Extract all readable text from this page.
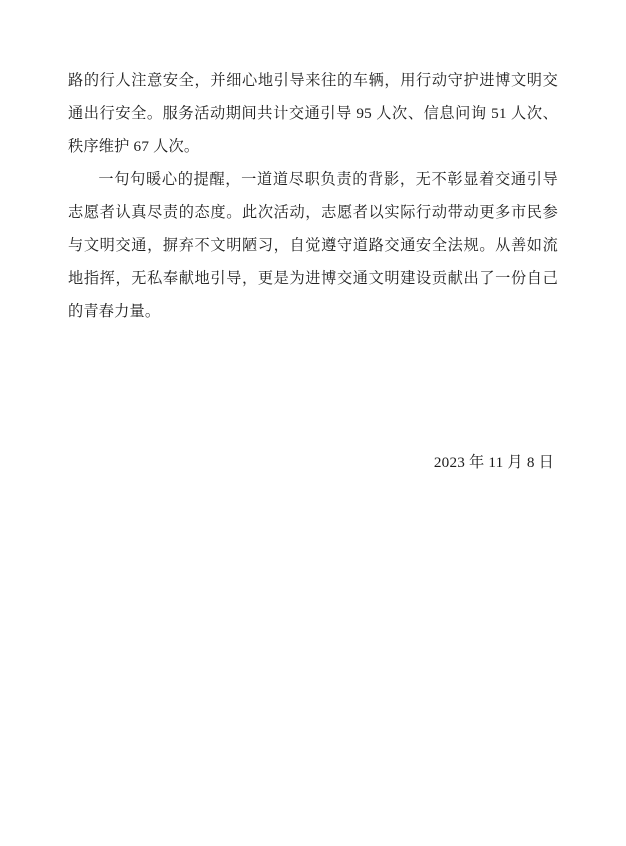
路的行人注意安全，并细心地引导来往的车辆，用行动守护进博文明交通出行安全。服务活动期间共计交通引导 95 人次、信息问询 51 人次、秩序维护 67 人次。

一句句暖心的提醒，一道道尽职负责的背影，无不彰显着交通引导志愿者认真尽责的态度。此次活动，志愿者以实际行动带动更多市民参与文明交通，摒弃不文明陋习，自觉遵守道路交通安全法规。从善如流地指挥，无私奉献地引导，更是为进博交通文明建设贡献出了一份自己的青春力量。

2023 年 11 月 8 日
